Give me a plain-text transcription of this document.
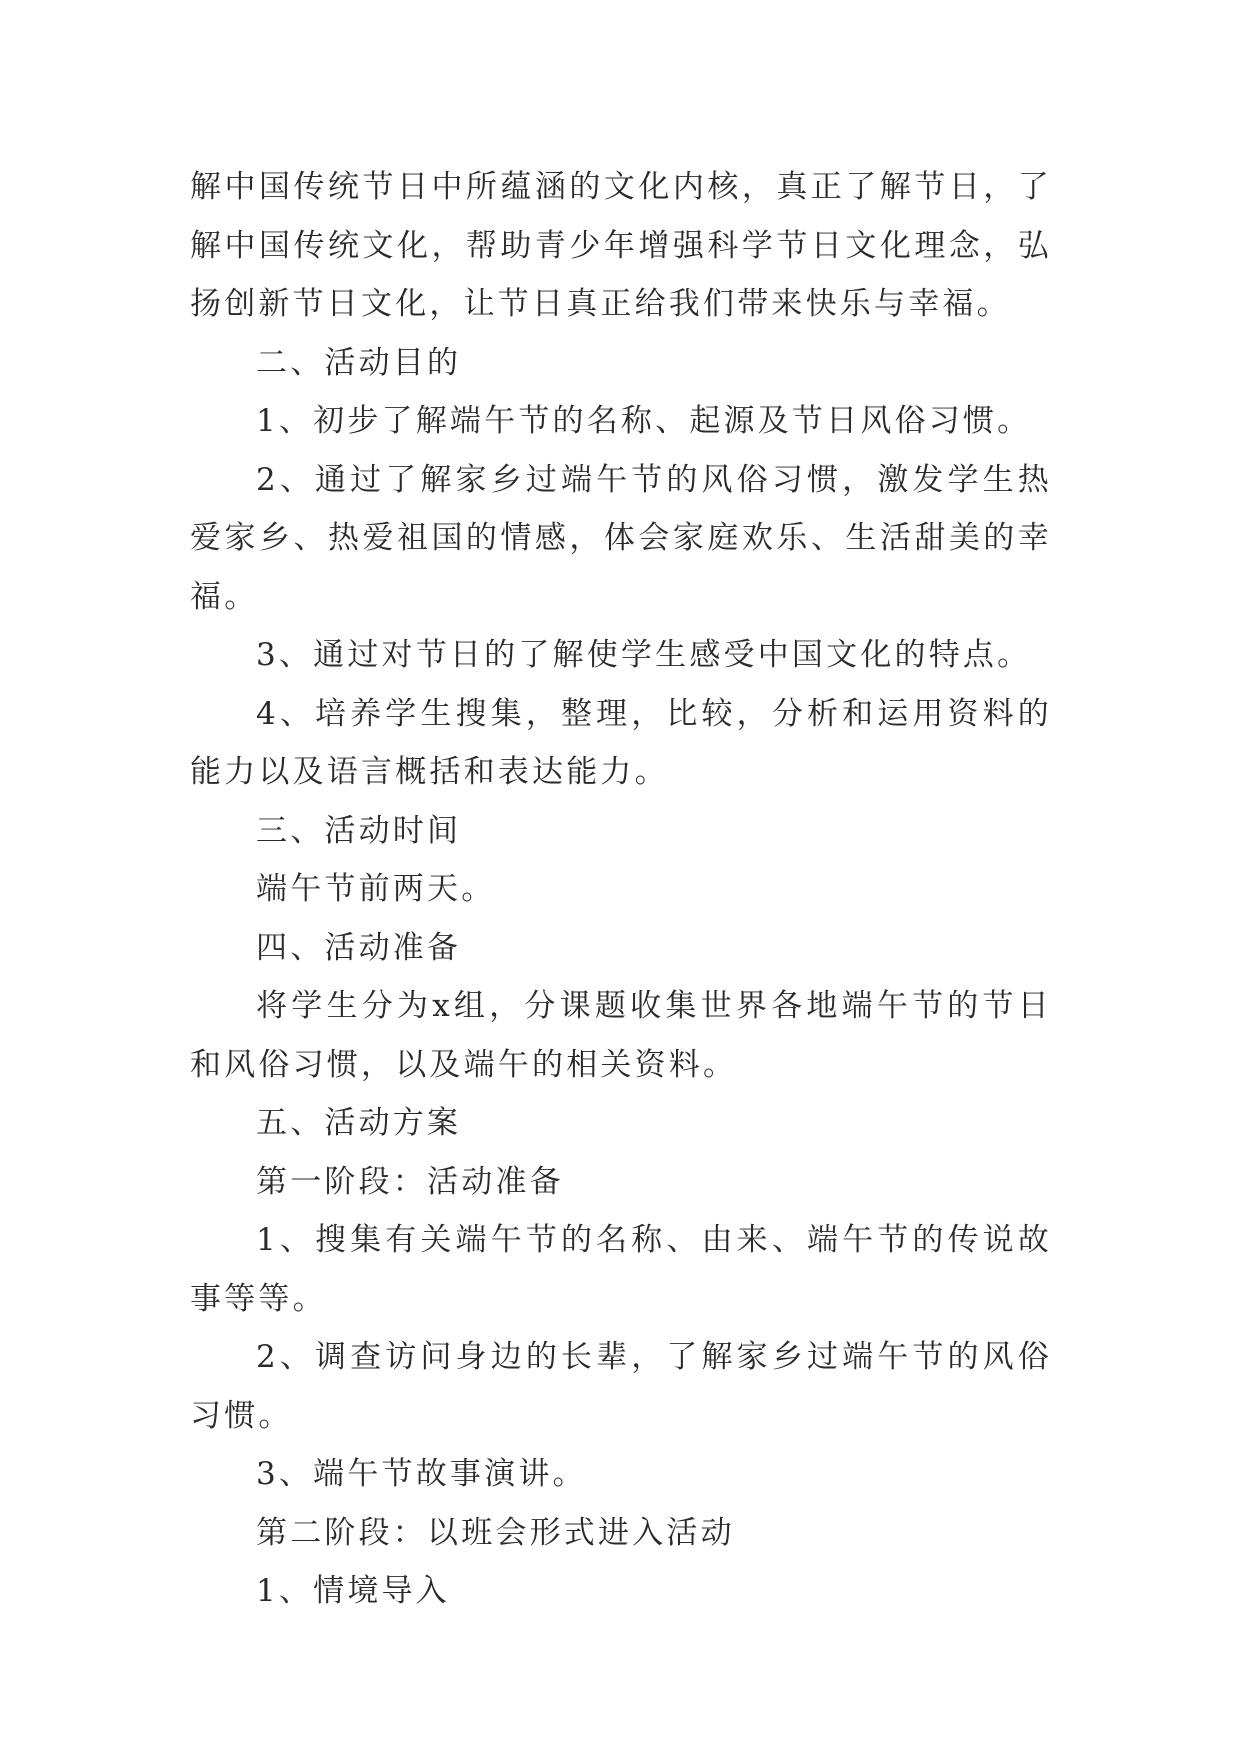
解中国传统节日中所蕴涵的文化内核，真正了解节日，了解中国传统文化，帮助青少年增强科学节日文化理念，弘扬创新节日文化，让节日真正给我们带来快乐与幸福。

二、活动目的

1、初步了解端午节的名称、起源及节日风俗习惯。

2、通过了解家乡过端午节的风俗习惯，激发学生热爱家乡、热爱祖国的情感，体会家庭欢乐、生活甜美的幸福。

3、通过对节日的了解使学生感受中国文化的特点。

4、培养学生搜集，整理，比较，分析和运用资料的能力以及语言概括和表达能力。

三、活动时间

端午节前两天。

四、活动准备

将学生分为x组，分课题收集世界各地端午节的节日和风俗习惯，以及端午的相关资料。

五、活动方案

第一阶段：活动准备

1、搜集有关端午节的名称、由来、端午节的传说故事等等。

2、调查访问身边的长辈，了解家乡过端午节的风俗习惯。

3、端午节故事演讲。

第二阶段：以班会形式进入活动

1、情境导入
